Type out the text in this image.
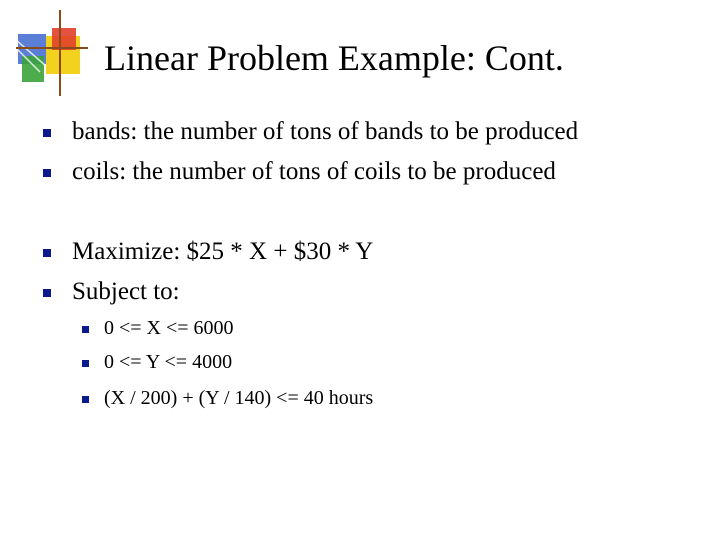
Linear Problem Example: Cont.
bands: the number of tons of bands to be produced
coils: the number of tons of coils to be produced
Maximize: $25 * X + $30 * Y
Subject to:
0 <= X <= 6000
0 <= Y <= 4000
(X / 200) + (Y / 140) <= 40 hours
